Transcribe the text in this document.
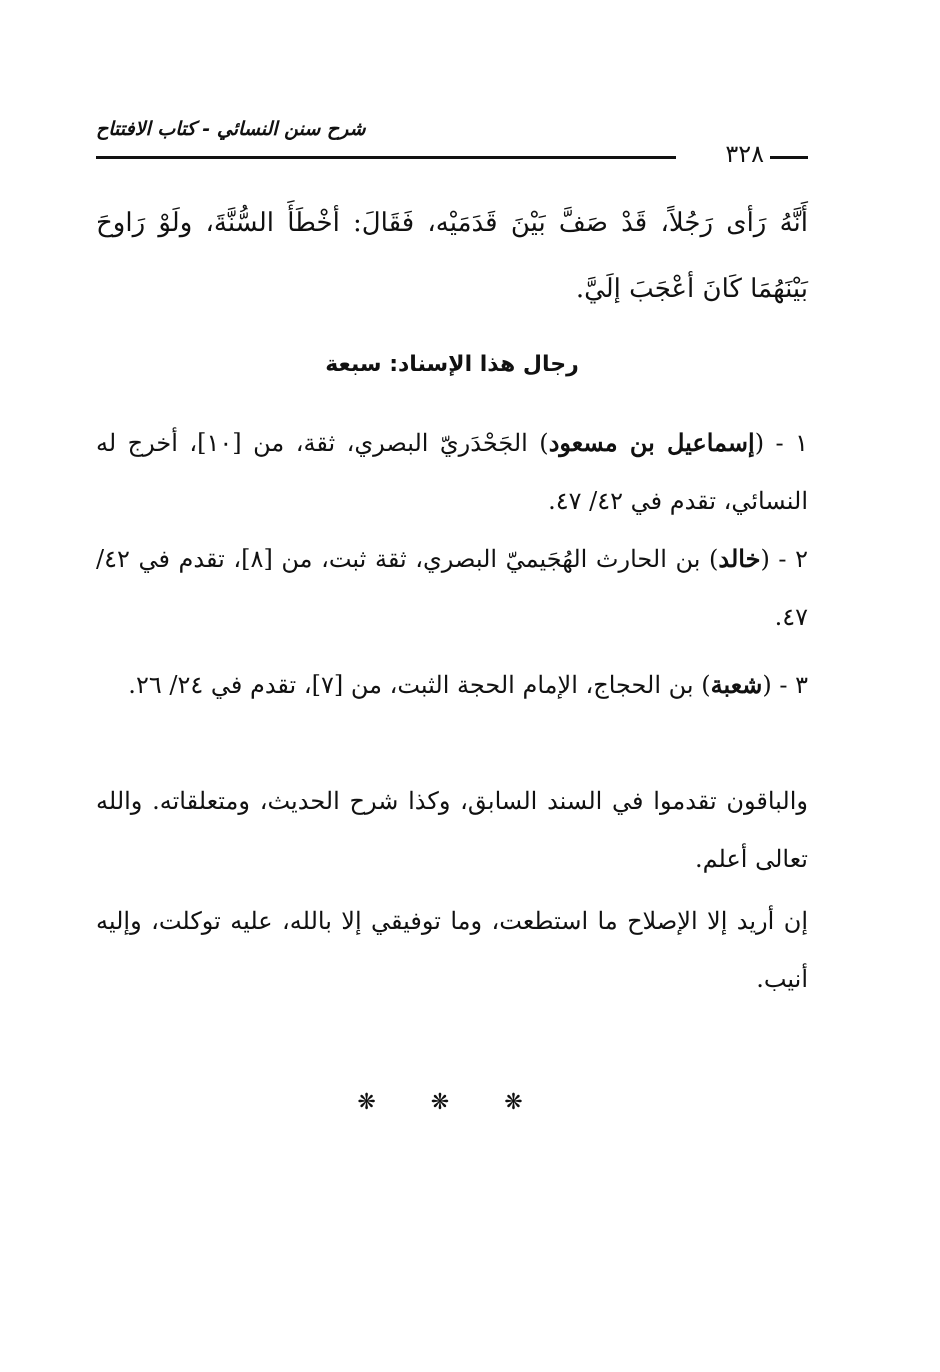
شرح سنن النسائي - كتاب الافتتاح
٣٢٨
أَنَّهُ رَأى رَجُلاً، قَدْ صَفَّ بَيْنَ قَدَمَيْه، فَقَالَ: أخْطَأَ السُّنَّةَ، ولَوْ رَاوحَ بَيْنَهُمَا كَانَ أعْجَبَ إلَيَّ.
رجال هذا الإسناد: سبعة
١ - (إسماعيل بن مسعود) الجَحْدَريّ البصري، ثقة، من [١٠]، أخرج له النسائي، تقدم في ٤٢/ ٤٧.
٢ - (خالد) بن الحارث الهُجَيميّ البصري، ثقة ثبت، من [٨]، تقدم في ٤٢/ ٤٧.
٣ - (شعبة) بن الحجاج، الإمام الحجة الثبت، من [٧]، تقدم في ٢٤/ ٢٦.
والباقون تقدموا في السند السابق، وكذا شرح الحديث، ومتعلقاته. والله تعالى أعلم.
إن أريد إلا الإصلاح ما استطعت، وما توفيقي إلا بالله، عليه توكلت، وإليه أنيب.
❋ ❋ ❋
